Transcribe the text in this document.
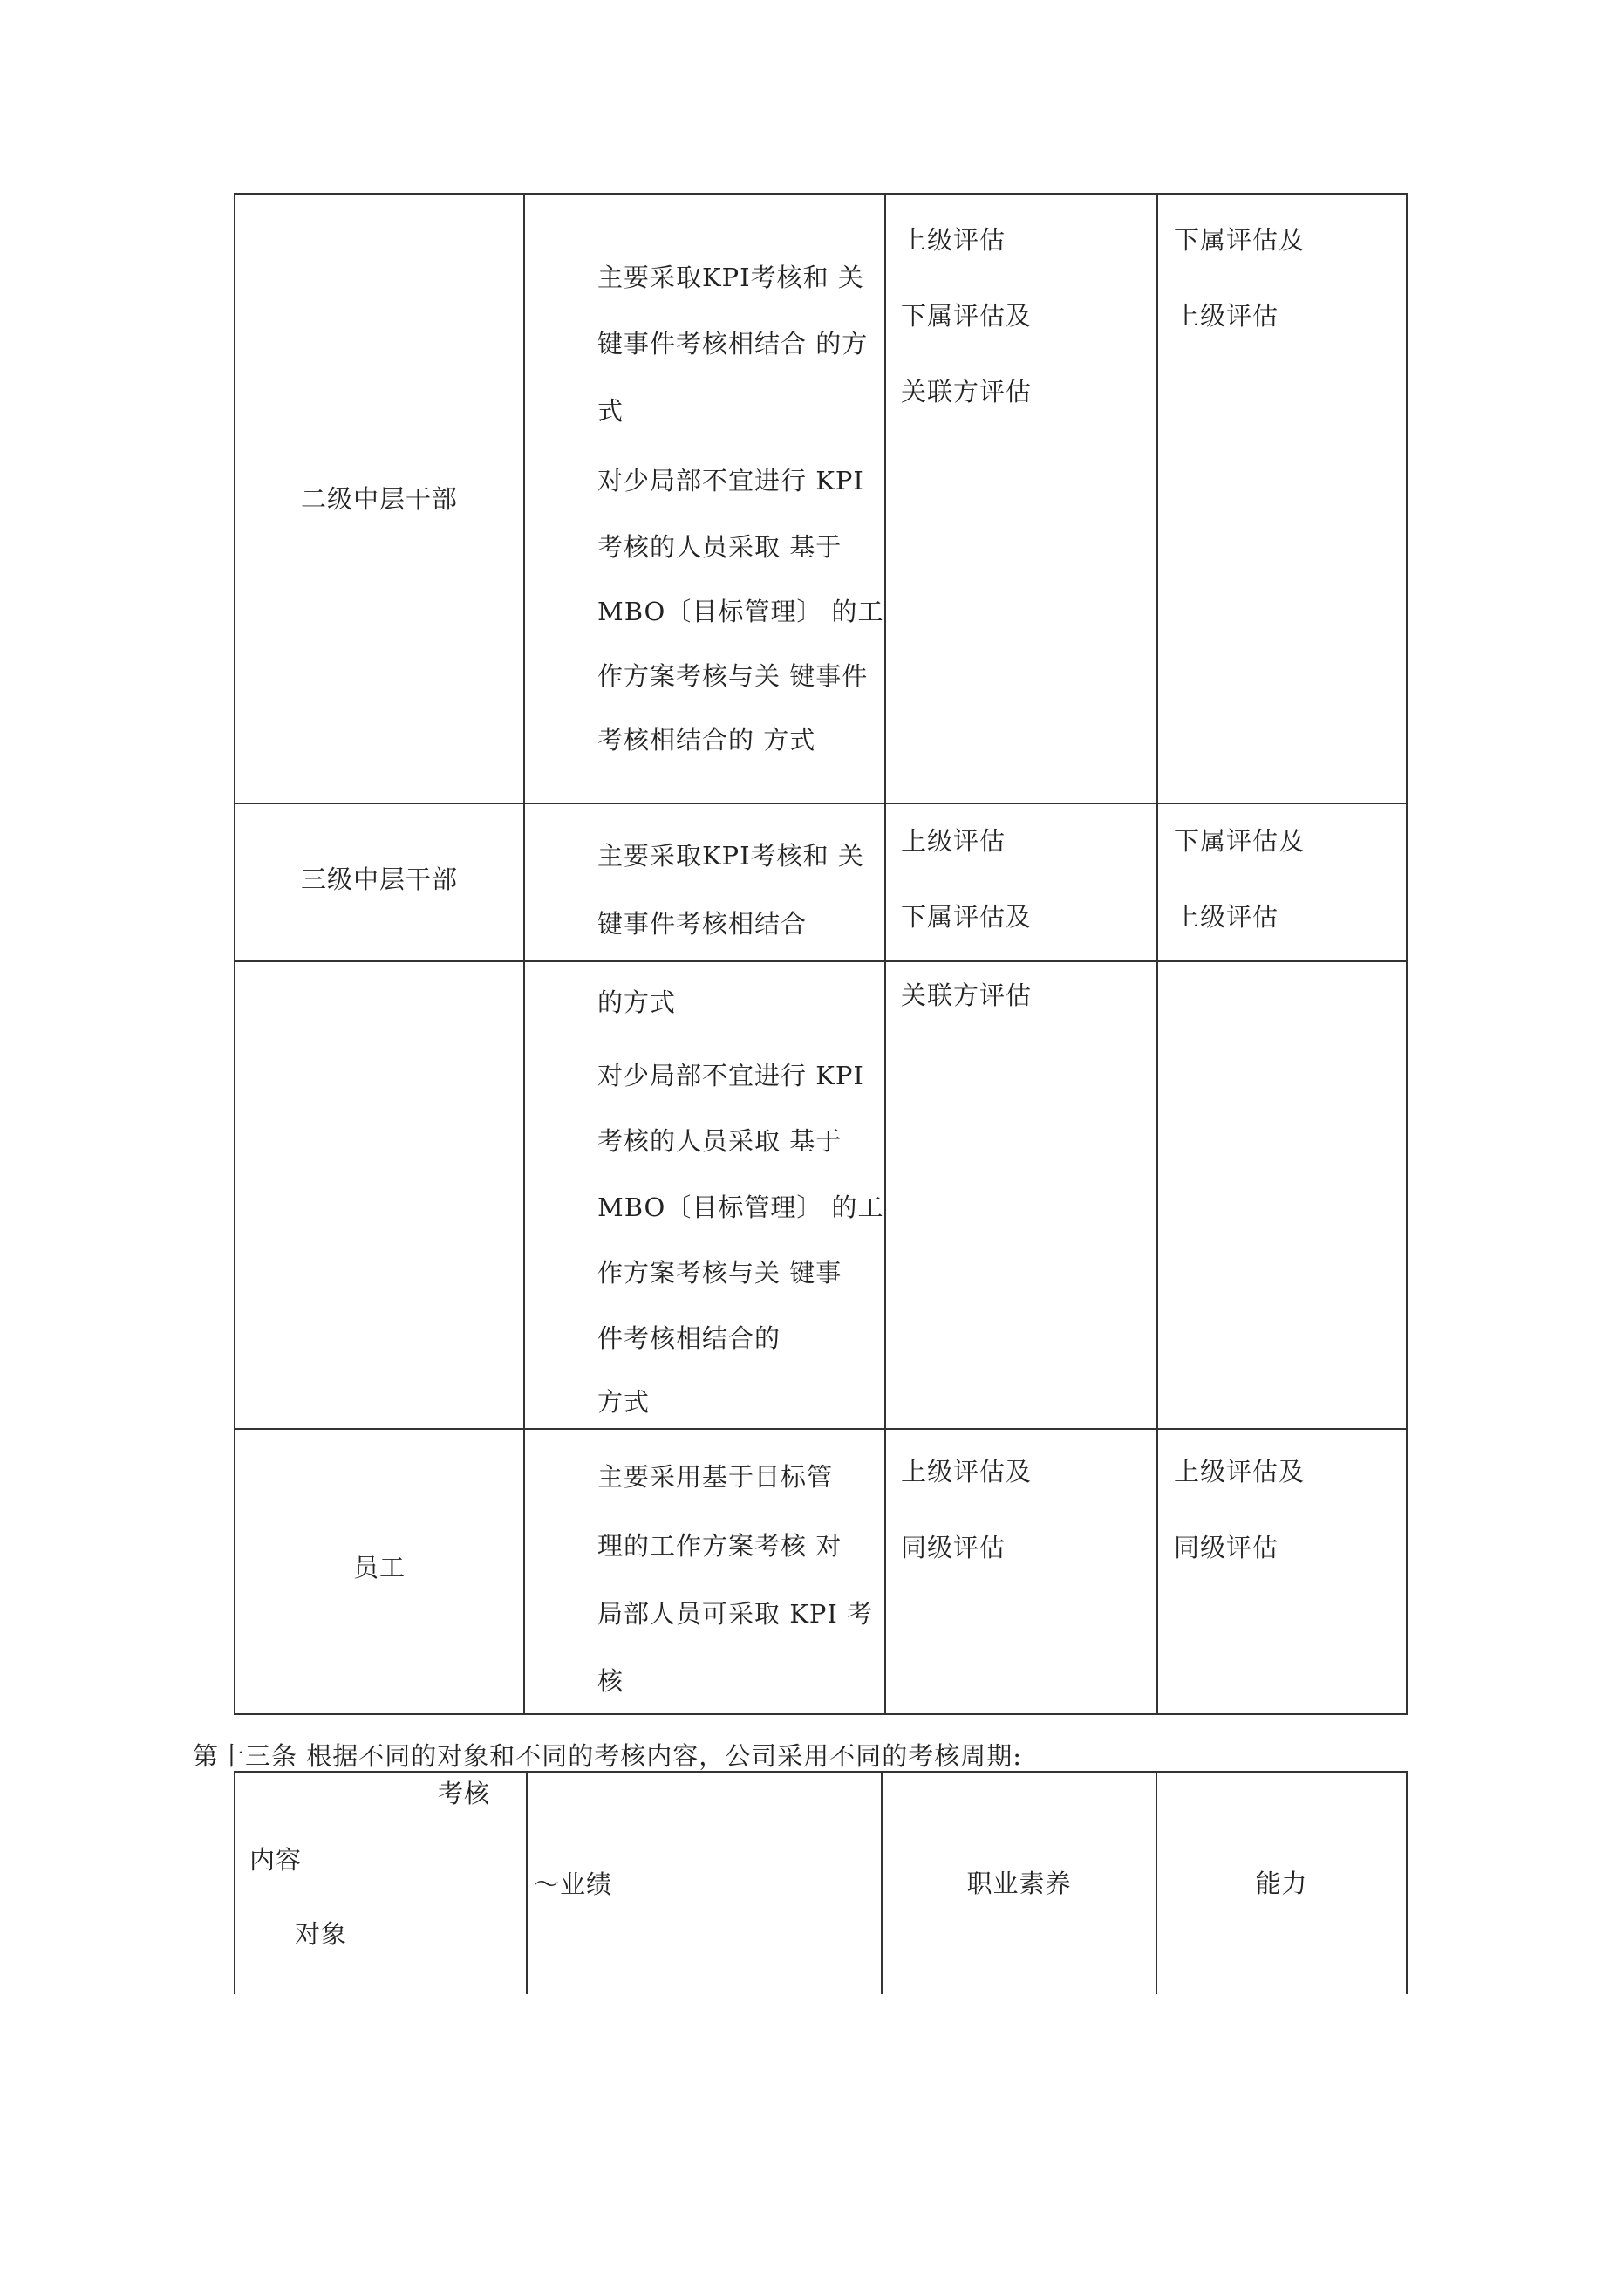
二级中层干部
主要采取KPI考核和 关
键事件考核相结合 的方
式
对少局部不宜进行 KPI
考核的人员采取 基于
MBO〔目标管理〕 的工
作方案考核与关 键事件
考核相结合的 方式
上级评估
下属评估及
关联方评估
下属评估及
上级评估
三级中层干部
主要采取KPI考核和 关
键事件考核相结合
上级评估
下属评估及
下属评估及
上级评估
的方式
对少局部不宜进行 KPI
考核的人员采取 基于
MBO〔目标管理〕 的工
作方案考核与关 键事
件考核相结合的
方式
关联方评估
员工
主要采用基于目标管
理的工作方案考核 对
局部人员可采取 KPI 考
核
上级评估及
同级评估
上级评估及
同级评估
第十三条 根据不同的对象和不同的考核内容，公司采用不同的考核周期:
考核
内容
对象
〜业绩	职业素养	能力
